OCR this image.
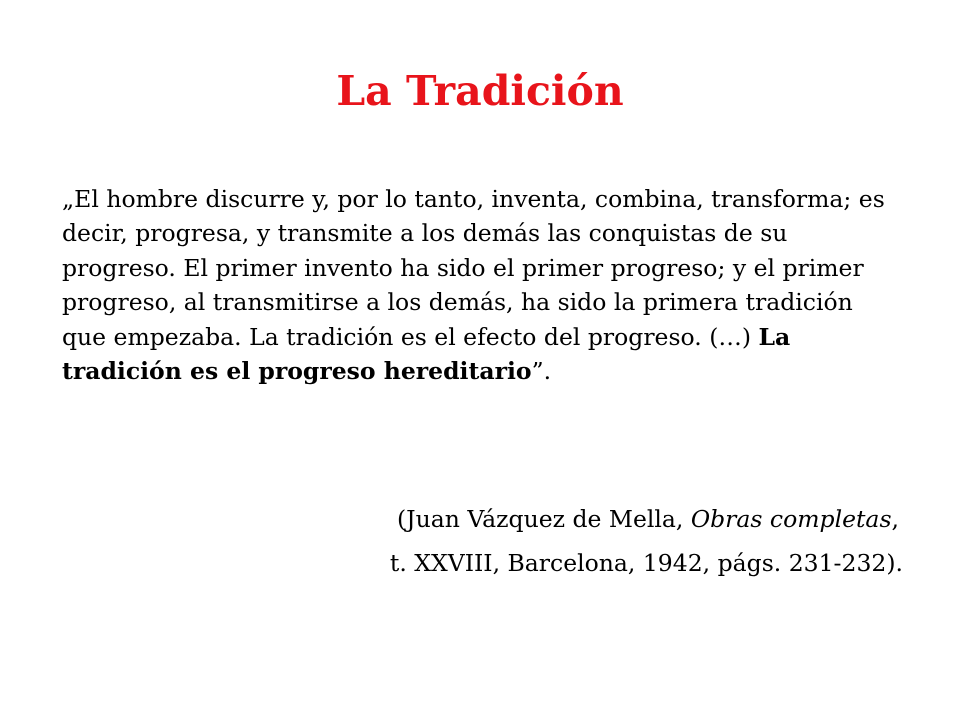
La Tradición

„El hombre discurre y, por lo tanto, inventa, combina, transforma; es decir, progresa, y transmite a los demás las conquistas de su progreso. El primer invento ha sido el primer progreso; y el primer progreso, al transmitirse a los demás, ha sido la primera tradición que empezaba. La tradición es el efecto del progreso. (…) La tradición es el progreso hereditario”.

(Juan Vázquez de Mella, Obras completas,

t. XXVIII, Barcelona, 1942, págs. 231-232).
